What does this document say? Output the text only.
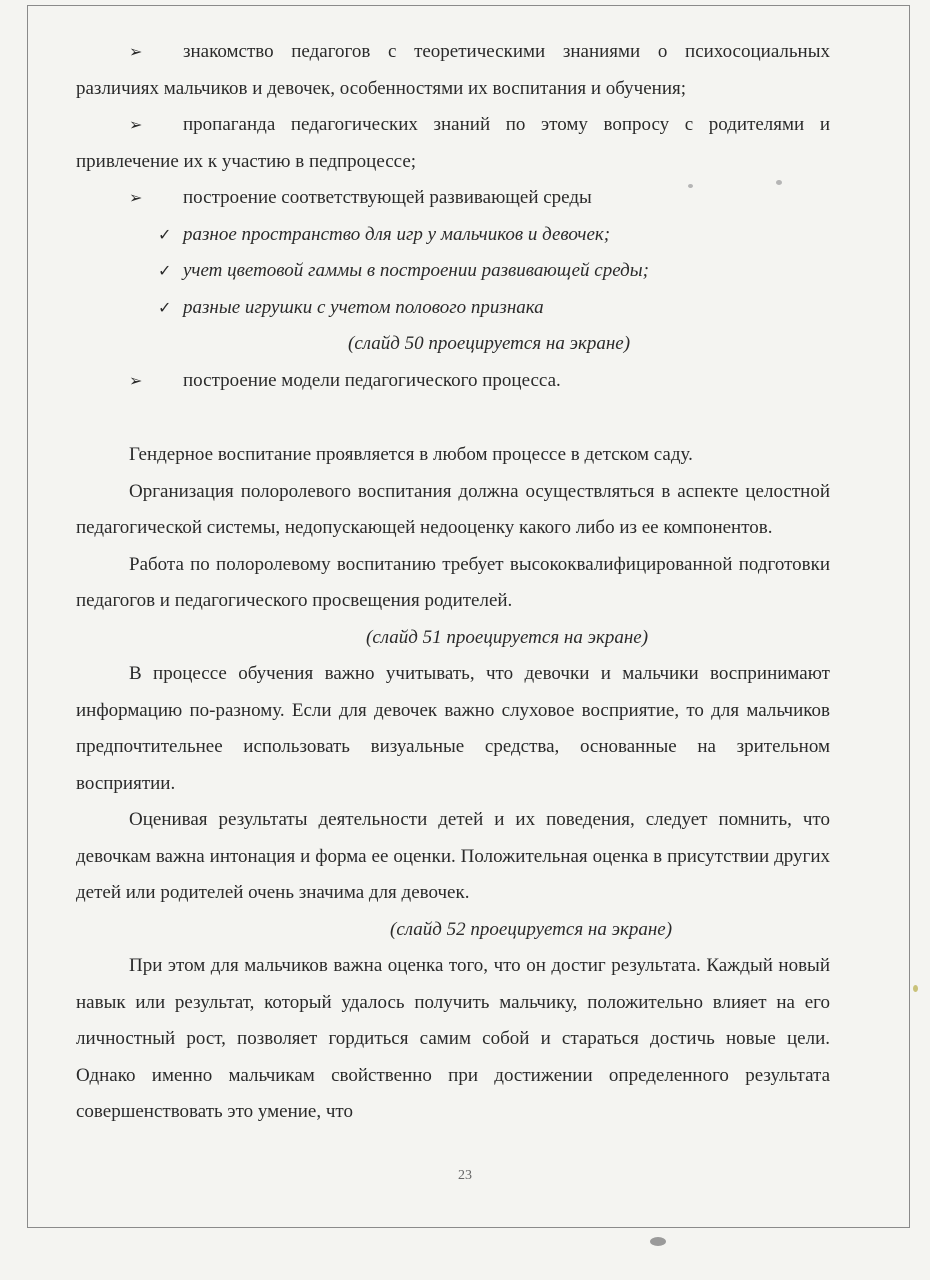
➢ знакомство педагогов с теоретическими знаниями о психосоциальных различиях мальчиков и девочек, особенностями их воспитания и обучения;
➢ пропаганда педагогических знаний по этому вопросу с родителями и привлечение их к участию в педпроцессе;
➢ построение соответствующей развивающей среды
✓ разное пространство для игр у мальчиков и девочек;
✓ учет цветовой гаммы в построении развивающей среды;
✓ разные игрушки с учетом полового признака
(слайд 50 проецируется на экране)
➢ построение модели педагогического процесса.
Гендерное воспитание проявляется в любом процессе в детском саду.
Организация полоролевого воспитания должна осуществляться в аспекте целостной педагогической системы, недопускающей недооценку какого либо из ее компонентов.
Работа по полоролевому воспитанию требует высококвалифицированной подготовки педагогов и педагогического просвещения родителей.
(слайд 51 проецируется на экране)
В процессе обучения важно учитывать, что девочки и мальчики воспринимают информацию по-разному. Если для девочек важно слуховое восприятие, то для мальчиков предпочтительнее использовать визуальные средства, основанные на зрительном восприятии.
Оценивая результаты деятельности детей и их поведения, следует помнить, что девочкам важна интонация и форма ее оценки. Положительная оценка в присутствии других детей или родителей очень значима для девочек.
(слайд 52 проецируется на экране)
При этом для мальчиков важна оценка того, что он достиг результата. Каждый новый навык или результат, который удалось получить мальчику, положительно влияет на его личностный рост, позволяет гордиться самим собой и стараться достичь новые цели. Однако именно мальчикам свойственно при достижении определенного результата совершенствовать это умение, что
23
